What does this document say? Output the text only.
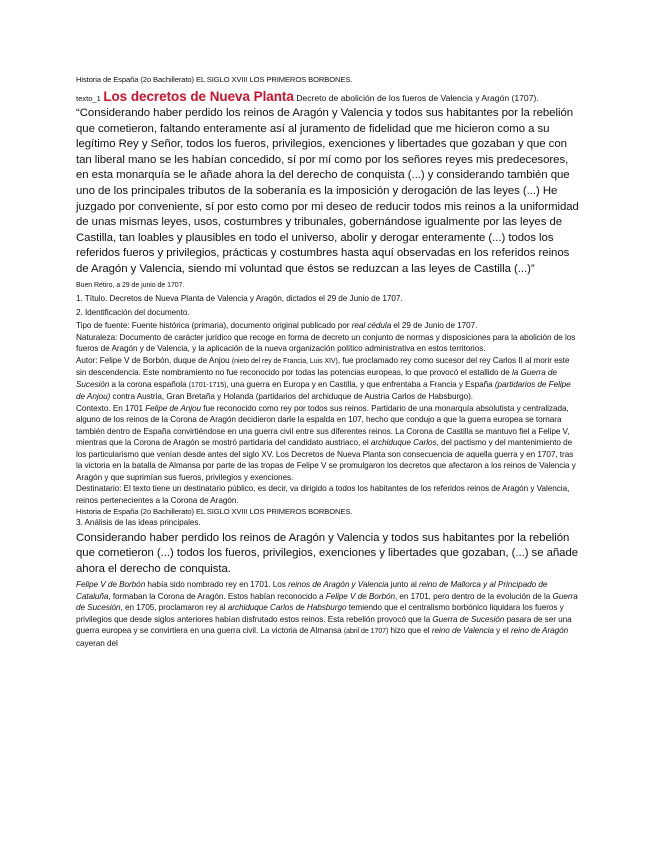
Historia de España (2o Bachillerato) EL SIGLO XVIII LOS PRIMEROS BORBONES.

texto_1 Los decretos de Nueva Planta Decreto de abolición de los fueros de Valencia y Aragón (1707).

“Considerando haber perdido los reinos de Aragón y Valencia y todos sus habitantes por la rebelión que cometieron, faltando enteramente así al juramento de fidelidad que me hicieron como a su legítimo Rey y Señor, todos los fueros, privilegios, exenciones y libertades que gozaban y que con tan liberal mano se les habían concedido, sí por mí como por los señores reyes mis predecesores, en esta monarquía se le añade ahora la del derecho de conquista (...) y considerando también que uno de los principales tributos de la soberanía es la imposición y derogación de las leyes (...) He juzgado por conveniente, sí por esto como por mi deseo de reducir todos mis reinos a la uniformidad de unas mismas leyes, usos, costumbres y tribunales, gobernándose igualmente por las leyes de Castilla, tan loables y plausibles en todo el universo, abolir y derogar enteramente (...) todos los referidos fueros y privilegios, prácticas y costumbres hasta aquí observadas en los referidos reinos de Aragón y Valencia, siendo mi voluntad que éstos se reduzcan a las leyes de Castilla (...)”

Buen Retiro, a 29 de junio de 1707.

1. Título. Decretos de Nueva Planta de Valencia y Aragón, dictados el 29 de Junio de 1707.

2. Identificación del documento.

Tipo de fuente: Fuente histórica (primaria), documento original publicado por real cédula el 29 de Junio de 1707.

Naturaleza: Documento de carácter jurídico que recoge en forma de decreto un conjunto de normas y disposiciones para la abolición de los fueros de Aragón y de Valencia, y la aplicación de la nueva organización político administrativa en estos territorios.

Autor: Felipe V de Borbón, duque de Anjou (nieto del rey de Francia, Luis XIV), fue proclamado rey como sucesor del rey Carlos II al morir este sin descendencia. Este nombramiento no fue reconocido por todas las potencias europeas, lo que provocó el estallido de la Guerra de Sucesión a la corona española (1701-1715), una guerra en Europa y en Castilla, y que enfrentaba a Francia y España (partidarios de Felipe de Anjou) contra Austria, Gran Bretaña y Holanda (partidarios del archiduque de Austria Carlos de Habsburgo).

Contexto. En 1701 Felipe de Anjou fue reconocido como rey por todos sus reinos. Partidario de una monarquía absolutista y centralizada, alguno de los reinos de la Corona de Aragón decidieron darle la espalda en 107, hecho que condujo a que la guerra europea se tornara también dentro de España convirtiéndose en una guerra civil entre sus diferentes reinos. La Corona de Castilla se mantuvo fiel a Felipe V, mientras que la Corona de Aragón se mostró partidaria del candidato austriaco, el archiduque Carlos, del pactismo y del mantenimiento de los particularismo que venían desde antes del siglo XV. Los Decretos de Nueva Planta son consecuencia de aquella guerra y en 1707, tras la victoria en la batalla de Almansa por parte de las tropas de Felipe V se promulgaron los decretos que afectaron a los reinos de Valencia y Aragón y que suprimían sus fueros, privilegios y exenciones.

Destinatario: El texto tiene un destinatario público, es decir, va dirigido a todos los habitantes de los referidos reinos de Aragón y Valencia, reinos pertenecientes a la Corona de Aragón.

Historia de España (2o Bachillerato) EL SIGLO XVIII LOS PRIMEROS BORBONES.

3. Análisis de las ideas principales.

Considerando haber perdido los reinos de Aragón y Valencia y todos sus habitantes por la rebelión que cometieron (...) todos los fueros, privilegios, exenciones y libertades que gozaban, (...) se añade ahora el derecho de conquista.

Felipe V de Borbón había sido nombrado rey en 1701. Los reinos de Aragón y Valencia junto al reino de Mallorca y al Principado de Cataluña, formaban la Corona de Aragón. Estos habían reconocido a Felipe V de Borbón, en 1701, pero dentro de la evolución de la Guerra de Sucesión, en 1705, proclamaron rey al archiduque Carlos de Habsburgo temiendo que el centralismo borbónico liquidara los fueros y privilegios que desde siglos anteriores habían disfrutado estos reinos. Esta rebelión provocó que la Guerra de Sucesión pasara de ser una guerra europea y se convirtiera en una guerra civil. La victoria de Almansa (abril de 1707) hizo que el reino de Valencia y el reino de Aragón cayeran del
